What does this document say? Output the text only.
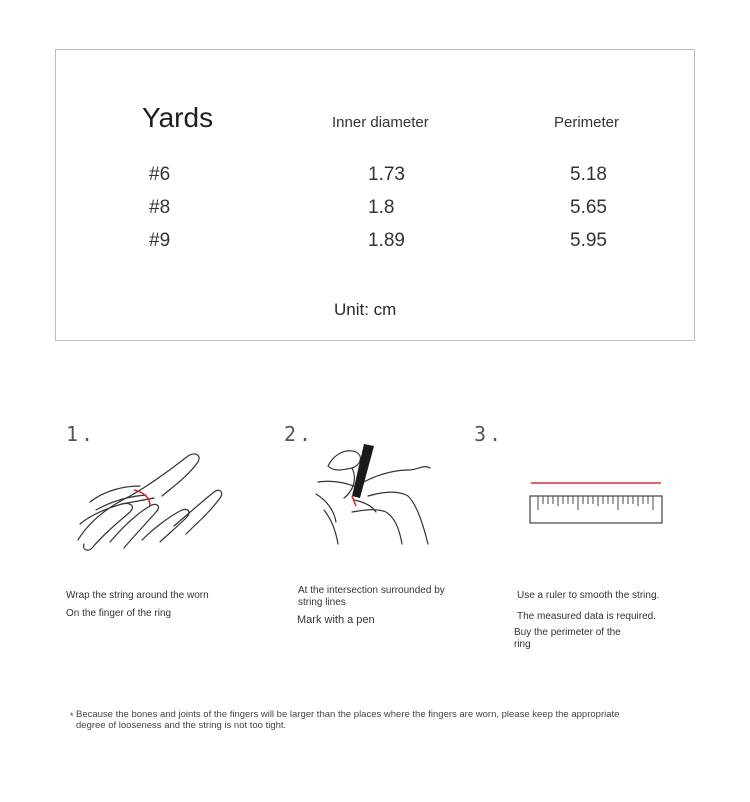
Yards	Inner diameter	Perimeter
#6	1.73	5.18
#8	1.8	5.65
#9	1.89	5.95
Unit: cm
1.
Wrap the string around the worn
On the finger of the ring
2.
At the intersection surrounded by string lines
Mark with a pen
3.
Use a ruler to smooth the string.
The measured data is required.
Buy the perimeter of the ring
* Because the bones and joints of the fingers will be larger than the places where the fingers are worn, please keep the appropriate degree of looseness and the string is not too tight.
